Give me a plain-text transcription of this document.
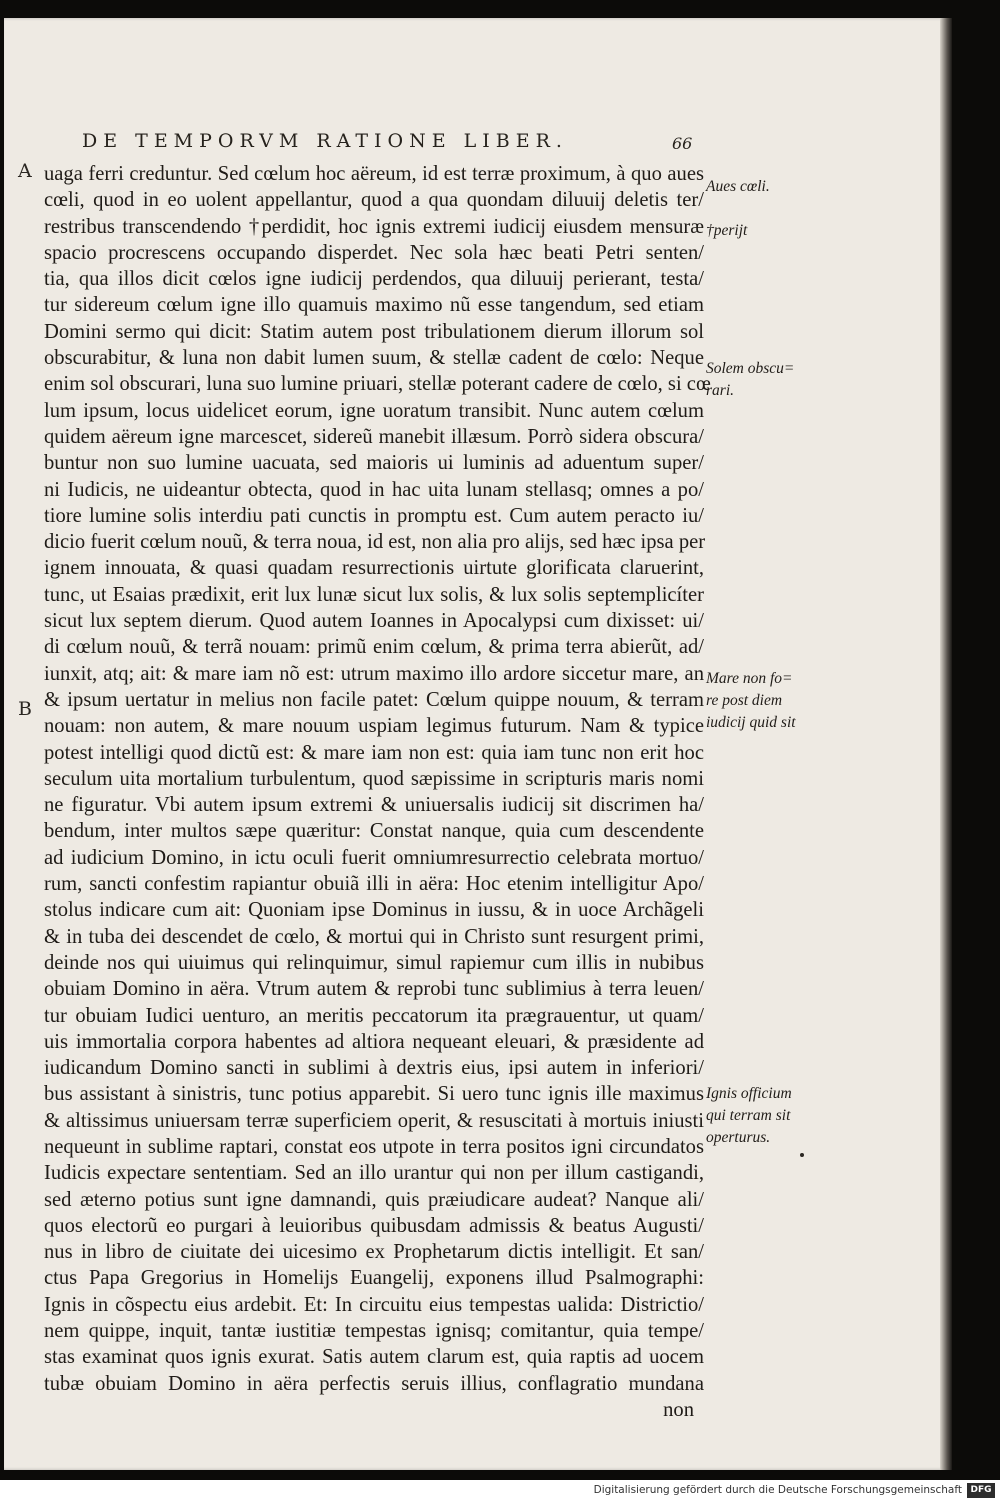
DE TEMPORVM RATIONE LIBER.	66
A
B
uaga ferri creduntur. Sed cœlum hoc aëreum, id est terræ proximum, à quo aues
cœli, quod in eo uolent appellantur, quod a qua quondam diluuij deletis ter/
restribus transcendendo †perdidit, hoc ignis extremi iudicij eiusdem mensuræ
spacio procrescens occupando disperdet. Nec sola hæc beati Petri senten/
tia, qua illos dicit cœlos igne iudicij perdendos, qua diluuij perierant, testa/
tur sidereum cœlum igne illo quamuis maximo nũ esse tangendum, sed etiam
Domini sermo qui dicit: Statim autem post tribulationem dierum illorum sol
obscurabitur, & luna non dabit lumen suum, & stellæ cadent de cœlo: Neque
enim sol obscurari, luna suo lumine priuari, stellæ poterant cadere de cœlo, si cœ
lum ipsum, locus uidelicet eorum, igne uoratum transibit. Nunc autem cœlum
quidem aëreum igne marcescet, sidereũ manebit illæsum. Porrò sidera obscura/
buntur non suo lumine uacuata, sed maioris ui luminis ad aduentum super/
ni Iudicis, ne uideantur obtecta, quod in hac uita lunam stellasq; omnes a po/
tiore lumine solis interdiu pati cunctis in promptu est. Cum autem peracto iu/
dicio fuerit cœlum nouũ, & terra noua, id est, non alia pro alijs, sed hæc ipsa per
ignem innouata, & quasi quadam resurrectionis uirtute glorificata claruerint,
tunc, ut Esaias prædixit, erit lux lunæ sicut lux solis, & lux solis septemplicíter
sicut lux septem dierum. Quod autem Ioannes in Apocalypsi cum dixisset: ui/
di cœlum nouũ, & terrã nouam: primũ enim cœlum, & prima terra abierũt, ad/
iunxit, atq; ait: & mare iam nõ est: utrum maximo illo ardore siccetur mare, an
& ipsum uertatur in melius non facile patet: Cœlum quippe nouum, & terram
nouam: non autem, & mare nouum uspiam legimus futurum. Nam & typice
potest intelligi quod dictũ est: & mare iam non est: quia iam tunc non erit hoc
seculum uita mortalium turbulentum, quod sæpissime in scripturis maris nomi
ne figuratur. Vbi autem ipsum extremi & uniuersalis iudicij sit discrimen ha/
bendum, inter multos sæpe quæritur: Constat nanque, quia cum descendente
ad iudicium Domino, in ictu oculi fuerit omniumresurrectio celebrata mortuo/
rum, sancti confestim rapiantur obuiã illi in aëra: Hoc etenim intelligitur Apo/
stolus indicare cum ait: Quoniam ipse Dominus in iussu, & in uoce Archãgeli
& in tuba dei descendet de cœlo, & mortui qui in Christo sunt resurgent primi,
deinde nos qui uiuimus qui relinquimur, simul rapiemur cum illis in nubibus
obuiam Domino in aëra. Vtrum autem & reprobi tunc sublimius à terra leuen/
tur obuiam Iudici uenturo, an meritis peccatorum ita prægrauentur, ut quam/
uis immortalia corpora habentes ad altiora nequeant eleuari, & præsidente ad
iudicandum Domino sancti in sublimi à dextris eius, ipsi autem in inferiori/
bus assistant à sinistris, tunc potius apparebit. Si uero tunc ignis ille maximus
& altissimus uniuersam terræ superficiem operit, & resuscitati à mortuis iniusti
nequeunt in sublime raptari, constat eos utpote in terra positos igni circundatos
Iudicis expectare sententiam. Sed an illo urantur qui non per illum castigandi,
sed æterno potius sunt igne damnandi, quis præiudicare audeat? Nanque ali/
quos electorũ eo purgari à leuioribus quibusdam admissis & beatus Augusti/
nus in libro de ciuitate dei uicesimo ex Prophetarum dictis intelligit. Et san/
ctus Papa Gregorius in Homelijs Euangelij, exponens illud Psalmographi:
Ignis in cõspectu eius ardebit. Et: In circuitu eius tempestas ualida: Districtio/
nem quippe, inquit, tantæ iustitiæ tempestas ignisq; comitantur, quia tempe/
stas examinat quos ignis exurat. Satis autem clarum est, quia raptis ad uocem
tubæ obuiam Domino in aëra perfectis seruis illius, conflagratio mundana
non
Aues cœli.
†perijt
Solem obscu=
rari.
Mare non fo=
re post diem
iudicij quid sit
Ignis officium
qui terram sit
operturus.
Digitalisierung gefördert durch die Deutsche Forschungsgemeinschaft DFG
